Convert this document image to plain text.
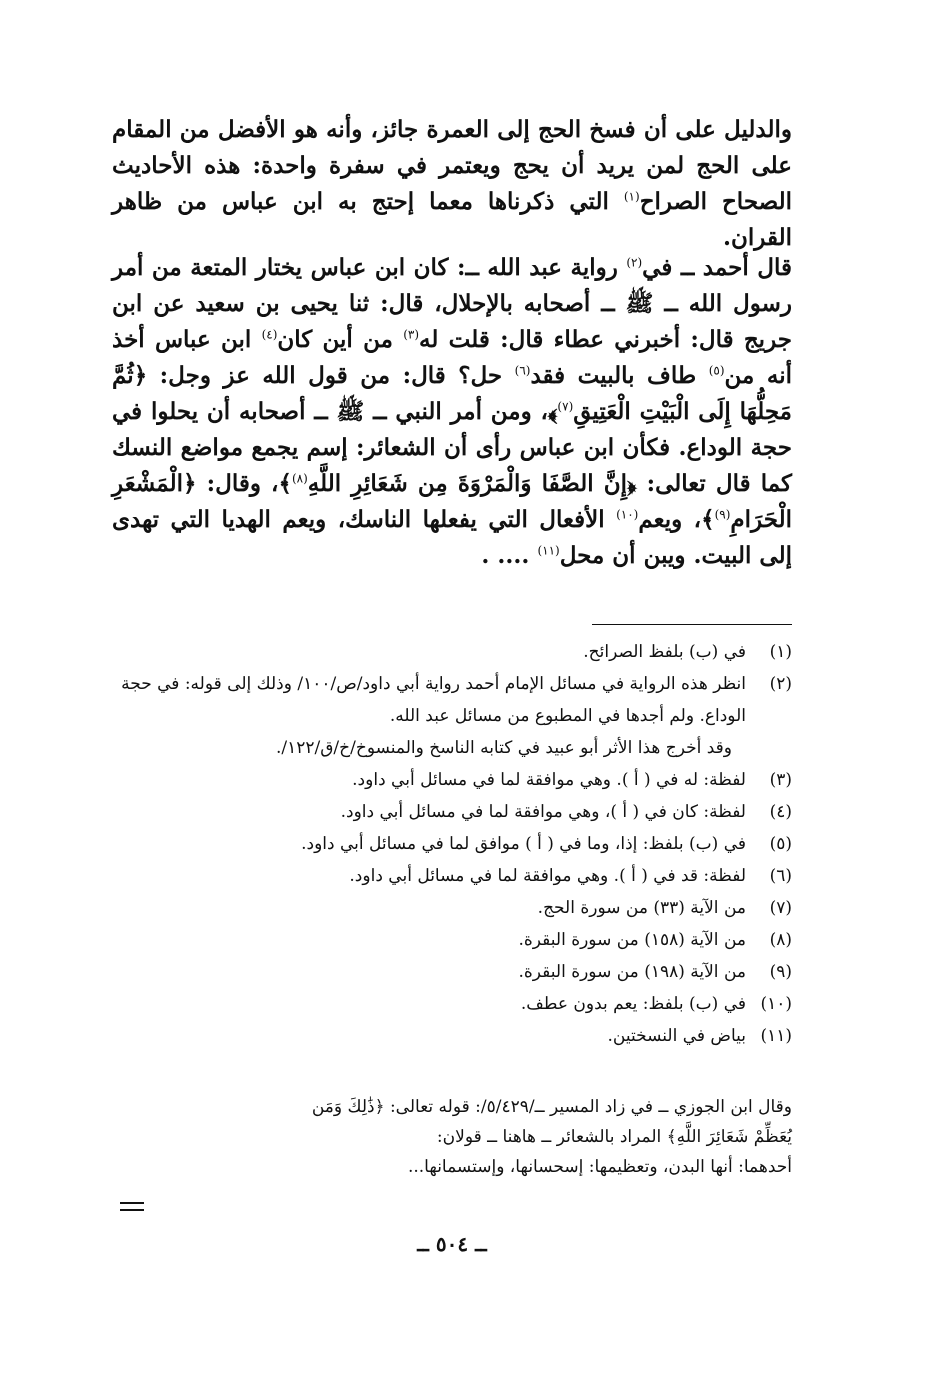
والدليل على أن فسخ الحج إلى العمرة جائز، وأنه هو الأفضل من المقام على الحج لمن يريد أن يحج ويعتمر في سفرة واحدة: هذه الأحاديث الصحاح الصراح$^{(١)}$ التي ذكرناها معما إحتج به ابن عباس من ظاهر القران.

قال أحمد ــ في$^{(٢)}$ رواية عبد الله ــ: كان ابن عباس يختار المتعة من أمر رسول الله ــ ﷺ ــ أصحابه بالإحلال، قال: ثنا يحيى بن سعيد عن ابن جريج قال: أخبرني عطاء قال: قلت له$^{(٣)}$ من أين كان$^{(٤)}$ ابن عباس أخذ أنه من$^{(٥)}$ طاف بالبيت فقد$^{(٦)}$ حل؟ قال: من قول الله عز وجل: ﴿ثُمَّ مَحِلُّهَا إِلَى الْبَيْتِ الْعَتِيقِ$^{(٧)}$﴾، ومن أمر النبي ــ ﷺ ــ أصحابه أن يحلوا في حجة الوداع. فكأن ابن عباس رأى أن الشعائر: إسم يجمع مواضع النسك كما قال تعالى: ﴿إِنَّ الصَّفَا وَالْمَرْوَةَ مِن شَعَائِرِ اللَّهِ$^{(٨)}$﴾، وقال: ﴿الْمَشْعَرِ الْحَرَامِ$^{(٩)}$﴾، ويعم$^{(١٠)}$ الأفعال التي يفعلها الناسك، ويعم الهديا التي تهدى إلى البيت. ويبن أن محل$^{(١١)}$ .... .

(١)
في (ب) بلفظ الصرائح.
(٢)
انظر هذه الرواية في مسائل الإمام أحمد رواية أبي داود/ص/١٠٠/ وذلك إلى قوله: في حجة الوداع. ولم أجدها في المطبوع من مسائل عبد الله.
وقد أخرج هذا الأثر أبو عبيد في كتابه الناسخ والمنسوخ/خ/ق/١٢٢/.
(٣)
لفظة: له في ( أ ). وهي موافقة لما في مسائل أبي داود.
(٤)
لفظة: كان في ( أ )، وهي موافقة لما في مسائل أبي داود.
(٥)
في (ب) بلفظ: إذا، وما في ( أ ) موافق لما في مسائل أبي داود.
(٦)
لفظة: قد في ( أ ). وهي موافقة لما في مسائل أبي داود.
(٧)
من الآية (٣٣) من سورة الحج.
(٨)
من الآية (١٥٨) من سورة البقرة.
(٩)
من الآية (١٩٨) من سورة البقرة.
(١٠)
في (ب) بلفظ: يعم بدون عطف.
(١١)
بياض في النسختين.
وقال ابن الجوزي ــ في زاد المسير ــ/٥/٤٢٩/: قوله تعالى: ﴿ذَٰلِكَ وَمَن
يُعَظِّمْ شَعَائِرَ اللَّهِ﴾ المراد بالشعائر ــ هاهنا ــ قولان:
أحدهما: أنها البدن، وتعظيمها: إسحسانها، وإستسمانها...
ــ ٥٠٤ ــ
